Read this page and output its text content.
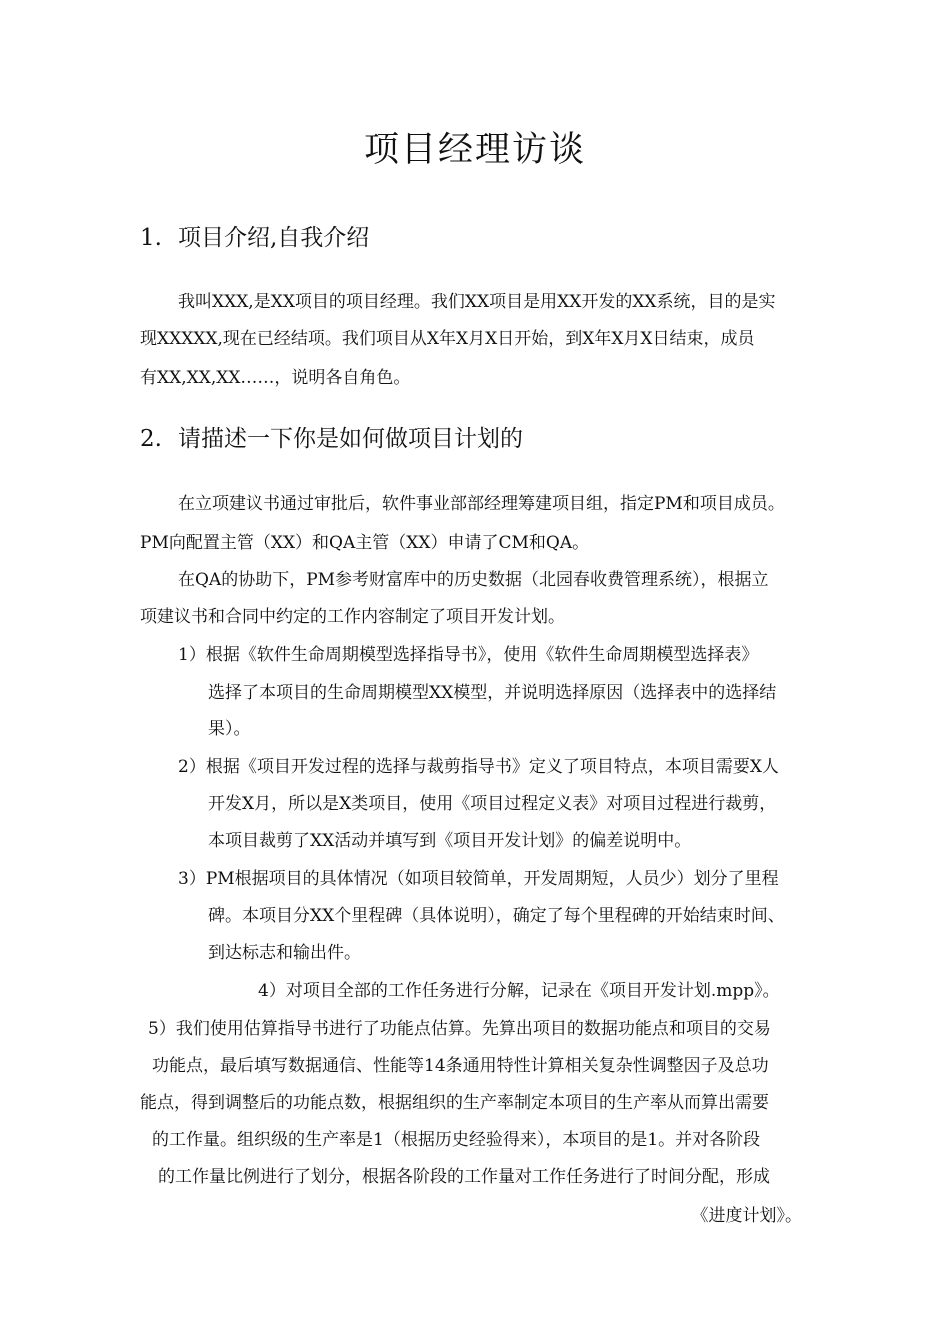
项目经理访谈
1. 项目介绍,自我介绍
我叫XXX,是XX项目的项目经理。我们XX项目是用XX开发的XX系统，目的是实
现XXXXX,现在已经结项。我们项目从X年X月X日开始，到X年X月X日结束，成员
有XX,XX,XX……，说明各自角色。
2. 请描述一下你是如何做项目计划的
在立项建议书通过审批后，软件事业部部经理筹建项目组，指定PM和项目成员。
PM向配置主管（XX）和QA主管（XX）申请了CM和QA。
在QA的协助下，PM参考财富库中的历史数据（北园春收费管理系统），根据立
项建议书和合同中约定的工作内容制定了项目开发计划。
1）根据《软件生命周期模型选择指导书》，使用《软件生命周期模型选择表》
选择了本项目的生命周期模型XX模型，并说明选择原因（选择表中的选择结
果）。
2）根据《项目开发过程的选择与裁剪指导书》定义了项目特点，本项目需要X人
开发X月，所以是X类项目，使用《项目过程定义表》对项目过程进行裁剪，
本项目裁剪了XX活动并填写到《项目开发计划》的偏差说明中。
3）PM根据项目的具体情况（如项目较简单，开发周期短，人员少）划分了里程
碑。本项目分XX个里程碑（具体说明），确定了每个里程碑的开始结束时间、
到达标志和输出件。
4）对项目全部的工作任务进行分解，记录在《项目开发计划.mpp》。
5）我们使用估算指导书进行了功能点估算。先算出项目的数据功能点和项目的交易
功能点，最后填写数据通信、性能等14条通用特性计算相关复杂性调整因子及总功
能点，得到调整后的功能点数，根据组织的生产率制定本项目的生产率从而算出需要
的工作量。组织级的生产率是1（根据历史经验得来），本项目的是1。并对各阶段
的工作量比例进行了划分，根据各阶段的工作量对工作任务进行了时间分配，形成
《进度计划》。
